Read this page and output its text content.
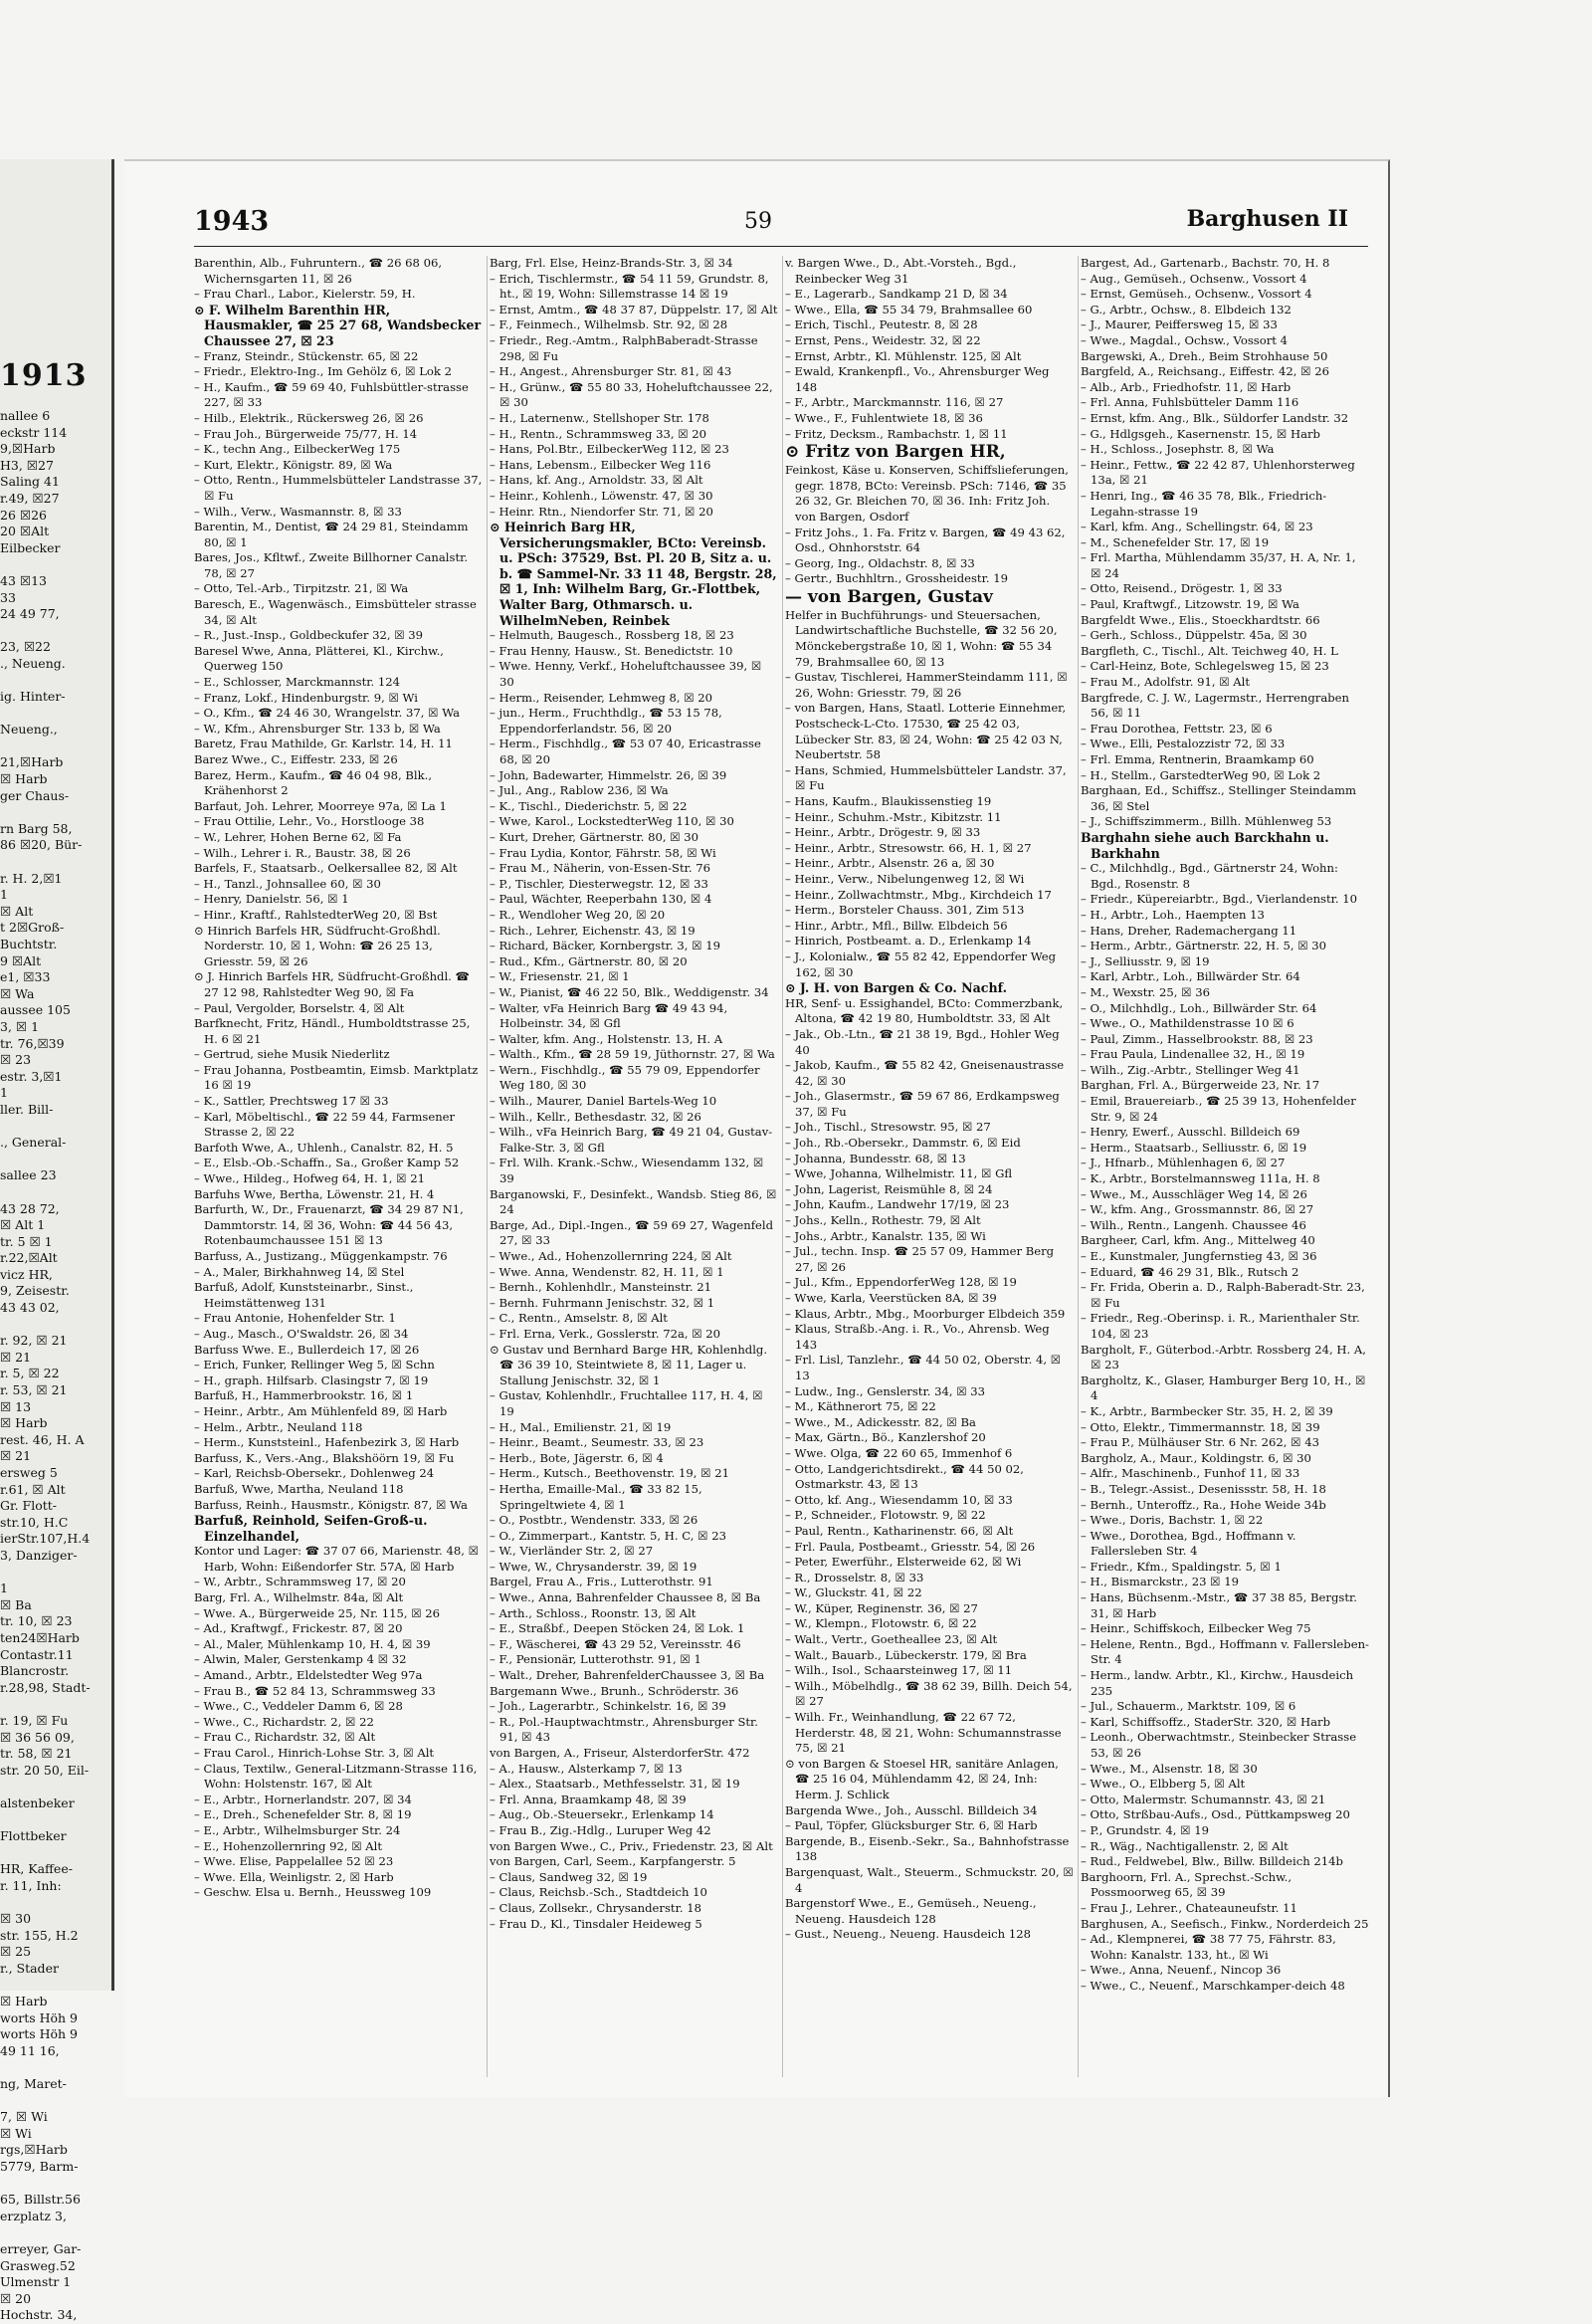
1913
nallee 6
eckstr 114
9,☒Harb
H3, ☒27
Saling 41
r.49, ☒27
26 ☒26
20 ☒Alt
Eilbecker

43 ☒13
33
24 49 77,

23, ☒22
., Neueng.

ig. Hinter-

Neueng.,

21,☒Harb
☒ Harb
ger Chaus-

rn Barg 58,
86 ☒20, Bür-

r. H. 2,☒1
1
☒ Alt
t 2☒Groß-
Buchtstr.
9 ☒Alt
e1, ☒33
☒ Wa
aussee 105
3, ☒ 1
tr. 76,☒39
☒ 23
estr. 3,☒1
1
ller. Bill-

., General-

sallee 23

43 28 72,
☒ Alt 1
tr. 5 ☒ 1
r.22,☒Alt
vicz HR,
9, Zeisestr.
43 43 02,

r. 92, ☒ 21
☒ 21
r. 5, ☒ 22
r. 53, ☒ 21
☒ 13
☒ Harb
rest. 46, H. A
☒ 21
ersweg 5
r.61, ☒ Alt
Gr. Flott-
str.10, H.C
ierStr.107,H.4
3, Danziger-

1
☒ Ba
tr. 10, ☒ 23
ten24☒Harb
Contastr.11
Blancrostr.
r.28,98, Stadt-

r. 19, ☒ Fu
☒ 36 56 09,
tr. 58, ☒ 21
str. 20 50, Eil-

alstenbeker

Flottbeker

HR, Kaffee-
r. 11, Inh:

☒ 30
str. 155, H.2
☒ 25
r., Stader

☒ Harb
worts Höh 9
worts Höh 9
49 11 16,

ng, Maret-

7, ☒ Wi
☒ Wi
rgs,☒Harb
5779, Barm-

65, Billstr.56
erzplatz 3,

erreyer, Gar-
Grasweg.52
Ulmenstr 1
☒ 20
Hochstr. 34,
1943	59	Barghusen II
Barenthin, Alb., Fuhruntern., ☎ 26 68 06, Wichernsgarten 11, ☒ 26
– Frau Charl., Labor., Kielerstr. 59, H.
⊙ F. Wilhelm Barenthin HR, Hausmakler, ☎ 25 27 68, Wandsbecker Chaussee 27, ☒ 23
– Franz, Steindr., Stückenstr. 65, ☒ 22
– Friedr., Elektro-Ing., Im Gehölz 6, ☒ Lok 2
– H., Kaufm., ☎ 59 69 40, Fuhlsbüttler-strasse 227, ☒ 33
– Hilb., Elektrik., Rückersweg 26, ☒ 26
– Frau Joh., Bürgerweide 75/77, H. 14
– K., techn Ang., EilbeckerWeg 175
– Kurt, Elektr., Königstr. 89, ☒ Wa
– Otto, Rentn., Hummelsbütteler Landstrasse 37, ☒ Fu
– Wilh., Verw., Wasmannstr. 8, ☒ 33
Barentin, M., Dentist, ☎ 24 29 81, Steindamm 80, ☒ 1
Bares, Jos., Kfltwf., Zweite Billhorner Canalstr. 78, ☒ 27
– Otto, Tel.-Arb., Tirpitzstr. 21, ☒ Wa
Baresch, E., Wagenwäsch., Eimsbütteler strasse 34, ☒ Alt
– R., Just.-Insp., Goldbeckufer 32, ☒ 39
Baresel Wwe, Anna, Plätterei, Kl., Kirchw., Querweg 150
– E., Schlosser, Marckmannstr. 124
– Franz, Lokf., Hindenburgstr. 9, ☒ Wi
– O., Kfm., ☎ 24 46 30, Wrangelstr. 37, ☒ Wa
– W., Kfm., Ahrensburger Str. 133 b, ☒ Wa
Baretz, Frau Mathilde, Gr. Karlstr. 14, H. 11
Barez Wwe., C., Eiffestr. 233, ☒ 26
Barez, Herm., Kaufm., ☎ 46 04 98, Blk., Krähenhorst 2
Barfaut, Joh. Lehrer, Moorreye 97a, ☒ La 1
– Frau Ottilie, Lehr., Vo., Horstlooge 38
– W., Lehrer, Hohen Berne 62, ☒ Fa
– Wilh., Lehrer i. R., Baustr. 38, ☒ 26
Barfels, F., Staatsarb., Oelkersallee 82, ☒ Alt
– H., Tanzl., Johnsallee 60, ☒ 30
– Henry, Danielstr. 56, ☒ 1
– Hinr., Kraftf., RahlstedterWeg 20, ☒ Bst
⊙ Hinrich Barfels HR, Südfrucht-Großhdl. Norderstr. 10, ☒ 1, Wohn: ☎ 26 25 13, Griesstr. 59, ☒ 26
⊙ J. Hinrich Barfels HR, Südfrucht-Großhdl. ☎ 27 12 98, Rahlstedter Weg 90, ☒ Fa
– Paul, Vergolder, Borselstr. 4, ☒ Alt
Barfknecht, Fritz, Händl., Humboldtstrasse 25, H. 6 ☒ 21
– Gertrud, siehe Musik Niederlitz
– Frau Johanna, Postbeamtin, Eimsb. Marktplatz 16 ☒ 19
– K., Sattler, Prechtsweg 17 ☒ 33
– Karl, Möbeltischl., ☎ 22 59 44, Farmsener Strasse 2, ☒ 22
Barfoth Wwe, A., Uhlenh., Canalstr. 82, H. 5
– E., Elsb.-Ob.-Schaffn., Sa., Großer Kamp 52
– Wwe., Hildeg., Hofweg 64, H. 1, ☒ 21
Barfuhs Wwe, Bertha, Löwenstr. 21, H. 4
Barfurth, W., Dr., Frauenarzt, ☎ 34 29 87 N1, Dammtorstr. 14, ☒ 36, Wohn: ☎ 44 56 43, Rotenbaumchaussee 151 ☒ 13
Barfuss, A., Justizang., Müggenkampstr. 76
– A., Maler, Birkhahnweg 14, ☒ Stel
Barfuß, Adolf, Kunststeinarbr., Sinst., Heimstättenweg 131
– Frau Antonie, Hohenfelder Str. 1
– Aug., Masch., O'Swaldstr. 26, ☒ 34
Barfuss Wwe. E., Bullerdeich 17, ☒ 26
– Erich, Funker, Rellinger Weg 5, ☒ Schn
– H., graph. Hilfsarb. Clasingstr 7, ☒ 19
Barfuß, H., Hammerbrookstr. 16, ☒ 1
– Heinr., Arbtr., Am Mühlenfeld 89, ☒ Harb
– Helm., Arbtr., Neuland 118
– Herm., Kunststeinl., Hafenbezirk 3, ☒ Harb
Barfuss, K., Vers.-Ang., Blakshöörn 19, ☒ Fu
– Karl, Reichsb-Obersekr., Dohlenweg 24
Barfuß, Wwe, Martha, Neuland 118
Barfuss, Reinh., Hausmstr., Königstr. 87, ☒ Wa
Barfuß, Reinhold, Seifen-Groß-u. Einzelhandel,
Kontor und Lager: ☎ 37 07 66, Marienstr. 48, ☒ Harb, Wohn: Eißendorfer Str. 57A, ☒ Harb
– W., Arbtr., Schrammsweg 17, ☒ 20
Barg, Frl. A., Wilhelmstr. 84a, ☒ Alt
– Wwe. A., Bürgerweide 25, Nr. 115, ☒ 26
– Ad., Kraftwgf., Frickestr. 87, ☒ 20
– Al., Maler, Mühlenkamp 10, H. 4, ☒ 39
– Alwin, Maler, Gerstenkamp 4 ☒ 32
– Amand., Arbtr., Eldelstedter Weg 97a
– Frau B., ☎ 52 84 13, Schrammsweg 33
– Wwe., C., Veddeler Damm 6, ☒ 28
– Wwe., C., Richardstr. 2, ☒ 22
– Frau C., Richardstr. 32, ☒ Alt
– Frau Carol., Hinrich-Lohse Str. 3, ☒ Alt
– Claus, Textilw., General-Litzmann-Strasse 116, Wohn: Holstenstr. 167, ☒ Alt
– E., Arbtr., Hornerlandstr. 207, ☒ 34
– E., Dreh., Schenefelder Str. 8, ☒ 19
– E., Arbtr., Wilhelmsburger Str. 24
– E., Hohenzollernring 92, ☒ Alt
– Wwe. Elise, Pappelallee 52 ☒ 23
– Wwe. Ella, Weinligstr. 2, ☒ Harb
– Geschw. Elsa u. Bernh., Heussweg 109
Barg, Frl. Else, Heinz-Brands-Str. 3, ☒ 34
– Erich, Tischlermstr., ☎ 54 11 59, Grundstr. 8, ht., ☒ 19, Wohn: Sillemstrasse 14 ☒ 19
– Ernst, Amtm., ☎ 48 37 87, Düppelstr. 17, ☒ Alt
– F., Feinmech., Wilhelmsb. Str. 92, ☒ 28
– Friedr., Reg.-Amtm., RalphBaberadt-Strasse 298, ☒ Fu
– H., Angest., Ahrensburger Str. 81, ☒ 43
– H., Grünw., ☎ 55 80 33, Hoheluftchaussee 22, ☒ 30
– H., Laternenw., Stellshoper Str. 178
– H., Rentn., Schrammsweg 33, ☒ 20
– Hans, Pol.Btr., EilbeckerWeg 112, ☒ 23
– Hans, Lebensm., Eilbecker Weg 116
– Hans, kf. Ang., Arnoldstr. 33, ☒ Alt
– Heinr., Kohlenh., Löwenstr. 47, ☒ 30
– Heinr. Rtn., Niendorfer Str. 71, ☒ 20
⊙ Heinrich Barg HR, Versicherungsmakler, BCto: Vereinsb. u. PSch: 37529, Bst. Pl. 20 B, Sitz a. u. b. ☎ Sammel-Nr. 33 11 48, Bergstr. 28, ☒ 1, Inh: Wilhelm Barg, Gr.-Flottbek, Walter Barg, Othmarsch. u. WilhelmNeben, Reinbek
– Helmuth, Baugesch., Rossberg 18, ☒ 23
– Frau Henny, Hausw., St. Benedictstr. 10
– Wwe. Henny, Verkf., Hoheluftchaussee 39, ☒ 30
– Herm., Reisender, Lehmweg 8, ☒ 20
– jun., Herm., Fruchthdlg., ☎ 53 15 78, Eppendorferlandstr. 56, ☒ 20
– Herm., Fischhdlg., ☎ 53 07 40, Ericastrasse 68, ☒ 20
– John, Badewarter, Himmelstr. 26, ☒ 39
– Jul., Ang., Rablow 236, ☒ Wa
– K., Tischl., Diederichstr. 5, ☒ 22
– Wwe, Karol., LockstedterWeg 110, ☒ 30
– Kurt, Dreher, Gärtnerstr. 80, ☒ 30
– Frau Lydia, Kontor, Fährstr. 58, ☒ Wi
– Frau M., Näherin, von-Essen-Str. 76
– P., Tischler, Diesterwegstr. 12, ☒ 33
– Paul, Wächter, Reeperbahn 130, ☒ 4
– R., Wendloher Weg 20, ☒ 20
– Rich., Lehrer, Eichenstr. 43, ☒ 19
– Richard, Bäcker, Kornbergstr. 3, ☒ 19
– Rud., Kfm., Gärtnerstr. 80, ☒ 20
– W., Friesenstr. 21, ☒ 1
– W., Pianist, ☎ 46 22 50, Blk., Weddigenstr. 34
– Walter, vFa Heinrich Barg ☎ 49 43 94, Holbeinstr. 34, ☒ Gfl
– Walter, kfm. Ang., Holstenstr. 13, H. A
– Walth., Kfm., ☎ 28 59 19, Jüthornstr. 27, ☒ Wa
– Wern., Fischhdlg., ☎ 55 79 09, Eppendorfer Weg 180, ☒ 30
– Wilh., Maurer, Daniel Bartels-Weg 10
– Wilh., Kellr., Bethesdastr. 32, ☒ 26
– Wilh., vFa Heinrich Barg, ☎ 49 21 04, Gustav-Falke-Str. 3, ☒ Gfl
– Frl. Wilh. Krank.-Schw., Wiesendamm 132, ☒ 39
Barganowski, F., Desinfekt., Wandsb. Stieg 86, ☒ 24
Barge, Ad., Dipl.-Ingen., ☎ 59 69 27, Wagenfeld 27, ☒ 33
– Wwe., Ad., Hohenzollernring 224, ☒ Alt
– Wwe. Anna, Wendenstr. 82, H. 11, ☒ 1
– Bernh., Kohlenhdlr., Mansteinstr. 21
– Bernh. Fuhrmann Jenischstr. 32, ☒ 1
– C., Rentn., Amselstr. 8, ☒ Alt
– Frl. Erna, Verk., Gosslerstr. 72a, ☒ 20
⊙ Gustav und Bernhard Barge HR, Kohlenhdlg. ☎ 36 39 10, Steintwiete 8, ☒ 11, Lager u. Stallung Jenischstr. 32, ☒ 1
– Gustav, Kohlenhdlr., Fruchtallee 117, H. 4, ☒ 19
– H., Mal., Emilienstr. 21, ☒ 19
– Heinr., Beamt., Seumestr. 33, ☒ 23
– Herb., Bote, Jägerstr. 6, ☒ 4
– Herm., Kutsch., Beethovenstr. 19, ☒ 21
– Hertha, Emaille-Mal., ☎ 33 82 15, Springeltwiete 4, ☒ 1
– O., Postbtr., Wendenstr. 333, ☒ 26
– O., Zimmerpart., Kantstr. 5, H. C, ☒ 23
– W., Vierländer Str. 2, ☒ 27
– Wwe, W., Chrysanderstr. 39, ☒ 19
Bargel, Frau A., Fris., Lutterothstr. 91
– Wwe., Anna, Bahrenfelder Chaussee 8, ☒ Ba
– Arth., Schloss., Roonstr. 13, ☒ Alt
– E., Straßbf., Deepen Stöcken 24, ☒ Lok. 1
– F., Wäscherei, ☎ 43 29 52, Vereinsstr. 46
– F., Pensionär, Lutterothstr. 91, ☒ 1
– Walt., Dreher, BahrenfelderChaussee 3, ☒ Ba
Bargemann Wwe., Brunh., Schröderstr. 36
– Joh., Lagerarbtr., Schinkelstr. 16, ☒ 39
– R., Pol.-Hauptwachtmstr., Ahrensburger Str. 91, ☒ 43
von Bargen, A., Friseur, AlsterdorferStr. 472
– A., Hausw., Alsterkamp 7, ☒ 13
– Alex., Staatsarb., Methfesselstr. 31, ☒ 19
– Frl. Anna, Braamkamp 48, ☒ 39
– Aug., Ob.-Steuersekr., Erlenkamp 14
– Frau B., Zig.-Hdlg., Luruper Weg 42
von Bargen Wwe., C., Priv., Friedenstr. 23, ☒ Alt
von Bargen, Carl, Seem., Karpfangerstr. 5
– Claus, Sandweg 32, ☒ 19
– Claus, Reichsb.-Sch., Stadtdeich 10
– Claus, Zollsekr., Chrysanderstr. 18
– Frau D., Kl., Tinsdaler Heideweg 5
v. Bargen Wwe., D., Abt.-Vorsteh., Bgd., Reinbecker Weg 31
– E., Lagerarb., Sandkamp 21 D, ☒ 34
– Wwe., Ella, ☎ 55 34 79, Brahmsallee 60
– Erich, Tischl., Peutestr. 8, ☒ 28
– Ernst, Pens., Weidestr. 32, ☒ 22
– Ernst, Arbtr., Kl. Mühlenstr. 125, ☒ Alt
– Ewald, Krankenpfl., Vo., Ahrensburger Weg 148
– F., Arbtr., Marckmannstr. 116, ☒ 27
– Wwe., F., Fuhlentwiete 18, ☒ 36
– Fritz, Decksm., Rambachstr. 1, ☒ 11
⊙ Fritz von Bargen HR,
Feinkost, Käse u. Konserven, Schiffslieferungen, gegr. 1878, BCto: Vereinsb. PSch: 7146, ☎ 35 26 32, Gr. Bleichen 70, ☒ 36. Inh: Fritz Joh. von Bargen, Osdorf
– Fritz Johs., 1. Fa. Fritz v. Bargen, ☎ 49 43 62, Osd., Ohnhorststr. 64
– Georg, Ing., Oldachstr. 8, ☒ 33
– Gertr., Buchhltrn., Grossheidestr. 19
— von Bargen, Gustav
Helfer in Buchführungs- und Steuersachen, Landwirtschaftliche Buchstelle, ☎ 32 56 20, Mönckebergstraße 10, ☒ 1, Wohn: ☎ 55 34 79, Brahmsallee 60, ☒ 13
– Gustav, Tischlerei, HammerSteindamm 111, ☒ 26, Wohn: Griesstr. 79, ☒ 26
– von Bargen, Hans, Staatl. Lotterie Einnehmer, Postscheck-L-Cto. 17530, ☎ 25 42 03, Lübecker Str. 83, ☒ 24, Wohn: ☎ 25 42 03 N, Neubertstr. 58
– Hans, Schmied, Hummelsbütteler Landstr. 37, ☒ Fu
– Hans, Kaufm., Blaukissenstieg 19
– Heinr., Schuhm.-Mstr., Kibitzstr. 11
– Heinr., Arbtr., Drögestr. 9, ☒ 33
– Heinr., Arbtr., Stresowstr. 66, H. 1, ☒ 27
– Heinr., Arbtr., Alsenstr. 26 a, ☒ 30
– Heinr., Verw., Nibelungenweg 12, ☒ Wi
– Heinr., Zollwachtmstr., Mbg., Kirchdeich 17
– Herm., Borsteler Chauss. 301, Zim 513
– Hinr., Arbtr., Mfl., Billw. Elbdeich 56
– Hinrich, Postbeamt. a. D., Erlenkamp 14
– J., Kolonialw., ☎ 55 82 42, Eppendorfer Weg 162, ☒ 30
⊙ J. H. von Bargen & Co. Nachf.
HR, Senf- u. Essighandel, BCto: Commerzbank, Altona, ☎ 42 19 80, Humboldtstr. 33, ☒ Alt
– Jak., Ob.-Ltn., ☎ 21 38 19, Bgd., Hohler Weg 40
– Jakob, Kaufm., ☎ 55 82 42, Gneisenaustrasse 42, ☒ 30
– Joh., Glasermstr., ☎ 59 67 86, Erdkampsweg 37, ☒ Fu
– Joh., Tischl., Stresowstr. 95, ☒ 27
– Joh., Rb.-Obersekr., Dammstr. 6, ☒ Eid
– Johanna, Bundesstr. 68, ☒ 13
– Wwe, Johanna, Wilhelmistr. 11, ☒ Gfl
– John, Lagerist, Reismühle 8, ☒ 24
– John, Kaufm., Landwehr 17/19, ☒ 23
– Johs., Kelln., Rothestr. 79, ☒ Alt
– Johs., Arbtr., Kanalstr. 135, ☒ Wi
– Jul., techn. Insp. ☎ 25 57 09, Hammer Berg 27, ☒ 26
– Jul., Kfm., EppendorferWeg 128, ☒ 19
– Wwe, Karla, Veerstücken 8A, ☒ 39
– Klaus, Arbtr., Mbg., Moorburger Elbdeich 359
– Klaus, Straßb.-Ang. i. R., Vo., Ahrensb. Weg 143
– Frl. Lisl, Tanzlehr., ☎ 44 50 02, Oberstr. 4, ☒ 13
– Ludw., Ing., Genslerstr. 34, ☒ 33
– M., Käthnerort 75, ☒ 22
– Wwe., M., Adickesstr. 82, ☒ Ba
– Max, Gärtn., Bö., Kanzlershof 20
– Wwe. Olga, ☎ 22 60 65, Immenhof 6
– Otto, Landgerichtsdirekt., ☎ 44 50 02, Ostmarkstr. 43, ☒ 13
– Otto, kf. Ang., Wiesendamm 10, ☒ 33
– P., Schneider., Flotowstr. 9, ☒ 22
– Paul, Rentn., Katharinenstr. 66, ☒ Alt
– Frl. Paula, Postbeamt., Griesstr. 54, ☒ 26
– Peter, Ewerführ., Elsterweide 62, ☒ Wi
– R., Drosselstr. 8, ☒ 33
– W., Gluckstr. 41, ☒ 22
– W., Küper, Reginenstr. 36, ☒ 27
– W., Klempn., Flotowstr. 6, ☒ 22
– Walt., Vertr., Goetheallee 23, ☒ Alt
– Walt., Bauarb., Lübeckerstr. 179, ☒ Bra
– Wilh., Isol., Schaarsteinweg 17, ☒ 11
– Wilh., Möbelhdlg., ☎ 38 62 39, Billh. Deich 54, ☒ 27
– Wilh. Fr., Weinhandlung, ☎ 22 67 72, Herderstr. 48, ☒ 21, Wohn: Schumannstrasse 75, ☒ 21
⊙ von Bargen & Stoesel HR, sanitäre Anlagen, ☎ 25 16 04, Mühlendamm 42, ☒ 24, Inh: Herm. J. Schlick
Bargenda Wwe., Joh., Ausschl. Billdeich 34
– Paul, Töpfer, Glücksburger Str. 6, ☒ Harb
Bargende, B., Eisenb.-Sekr., Sa., Bahnhofstrasse 138
Bargenquast, Walt., Steuerm., Schmuckstr. 20, ☒ 4
Bargenstorf Wwe., E., Gemüseh., Neueng., Neueng. Hausdeich 128
– Gust., Neueng., Neueng. Hausdeich 128
Bargest, Ad., Gartenarb., Bachstr. 70, H. 8
– Aug., Gemüseh., Ochsenw., Vossort 4
– Ernst, Gemüseh., Ochsenw., Vossort 4
– G., Arbtr., Ochsw., 8. Elbdeich 132
– J., Maurer, Peiffersweg 15, ☒ 33
– Wwe., Magdal., Ochsw., Vossort 4
Bargewski, A., Dreh., Beim Strohhause 50
Bargfeld, A., Reichsang., Eiffestr. 42, ☒ 26
– Alb., Arb., Friedhofstr. 11, ☒ Harb
– Frl. Anna, Fuhlsbütteler Damm 116
– Ernst, kfm. Ang., Blk., Süldorfer Landstr. 32
– G., Hdlgsgeh., Kasernenstr. 15, ☒ Harb
– H., Schloss., Josephstr. 8, ☒ Wa
– Heinr., Fettw., ☎ 22 42 87, Uhlenhorsterweg 13a, ☒ 21
– Henri, Ing., ☎ 46 35 78, Blk., Friedrich-Legahn-strasse 19
– Karl, kfm. Ang., Schellingstr. 64, ☒ 23
– M., Schenefelder Str. 17, ☒ 19
– Frl. Martha, Mühlendamm 35/37, H. A, Nr. 1, ☒ 24
– Otto, Reisend., Drögestr. 1, ☒ 33
– Paul, Kraftwgf., Litzowstr. 19, ☒ Wa
Bargfeldt Wwe., Elis., Stoeckhardtstr. 66
– Gerh., Schloss., Düppelstr. 45a, ☒ 30
Bargfleth, C., Tischl., Alt. Teichweg 40, H. L
– Carl-Heinz, Bote, Schlegelsweg 15, ☒ 23
– Frau M., Adolfstr. 91, ☒ Alt
Bargfrede, C. J. W., Lagermstr., Herrengraben 56, ☒ 11
– Frau Dorothea, Fettstr. 23, ☒ 6
– Wwe., Elli, Pestalozzistr 72, ☒ 33
– Frl. Emma, Rentnerin, Braamkamp 60
– H., Stellm., GarstedterWeg 90, ☒ Lok 2
Barghaan, Ed., Schiffsz., Stellinger Steindamm 36, ☒ Stel
– J., Schiffszimmerm., Billh. Mühlenweg 53
Barghahn siehe auch Barckhahn u. Barkhahn
– C., Milchhdlg., Bgd., Gärtnerstr 24, Wohn: Bgd., Rosenstr. 8
– Friedr., Küpereiarbtr., Bgd., Vierlandenstr. 10
– H., Arbtr., Loh., Haempten 13
– Hans, Dreher, Rademachergang 11
– Herm., Arbtr., Gärtnerstr. 22, H. 5, ☒ 30
– J., Selliusstr. 9, ☒ 19
– Karl, Arbtr., Loh., Billwärder Str. 64
– M., Wexstr. 25, ☒ 36
– O., Milchhdlg., Loh., Billwärder Str. 64
– Wwe., O., Mathildenstrasse 10 ☒ 6
– Paul, Zimm., Hasselbrookstr. 88, ☒ 23
– Frau Paula, Lindenallee 32, H., ☒ 19
– Wilh., Zig.-Arbtr., Stellinger Weg 41
Barghan, Frl. A., Bürgerweide 23, Nr. 17
– Emil, Brauereiarb., ☎ 25 39 13, Hohenfelder Str. 9, ☒ 24
– Henry, Ewerf., Ausschl. Billdeich 69
– Herm., Staatsarb., Selliusstr. 6, ☒ 19
– J., Hfnarb., Mühlenhagen 6, ☒ 27
– K., Arbtr., Borstelmannsweg 111a, H. 8
– Wwe., M., Ausschläger Weg 14, ☒ 26
– W., kfm. Ang., Grossmannstr. 86, ☒ 27
– Wilh., Rentn., Langenh. Chaussee 46
Bargheer, Carl, kfm. Ang., Mittelweg 40
– E., Kunstmaler, Jungfernstieg 43, ☒ 36
– Eduard, ☎ 46 29 31, Blk., Rutsch 2
– Fr. Frida, Oberin a. D., Ralph-Baberadt-Str. 23, ☒ Fu
– Friedr., Reg.-Oberinsp. i. R., Marienthaler Str. 104, ☒ 23
Bargholt, F., Güterbod.-Arbtr. Rossberg 24, H. A, ☒ 23
Bargholtz, K., Glaser, Hamburger Berg 10, H., ☒ 4
– K., Arbtr., Barmbecker Str. 35, H. 2, ☒ 39
– Otto, Elektr., Timmermannstr. 18, ☒ 39
– Frau P., Mülhäuser Str. 6 Nr. 262, ☒ 43
Bargholz, A., Maur., Koldingstr. 6, ☒ 30
– Alfr., Maschinenb., Funhof 11, ☒ 33
– B., Telegr.-Assist., Desenissstr. 58, H. 18
– Bernh., Unteroffz., Ra., Hohe Weide 34b
– Wwe., Doris, Bachstr. 1, ☒ 22
– Wwe., Dorothea, Bgd., Hoffmann v. Fallersleben Str. 4
– Friedr., Kfm., Spaldingstr. 5, ☒ 1
– H., Bismarckstr., 23 ☒ 19
– Hans, Büchsenm.-Mstr., ☎ 37 38 85, Bergstr. 31, ☒ Harb
– Heinr., Schiffskoch, Eilbecker Weg 75
– Helene, Rentn., Bgd., Hoffmann v. Fallersleben-Str. 4
– Herm., landw. Arbtr., Kl., Kirchw., Hausdeich 235
– Jul., Schauerm., Marktstr. 109, ☒ 6
– Karl, Schiffsoffz., StaderStr. 320, ☒ Harb
– Leonh., Oberwachtmstr., Steinbecker Strasse 53, ☒ 26
– Wwe., M., Alsenstr. 18, ☒ 30
– Wwe., O., Elbberg 5, ☒ Alt
– Otto, Malermstr. Schumannstr. 43, ☒ 21
– Otto, Strßbau-Aufs., Osd., Püttkampsweg 20
– P., Grundstr. 4, ☒ 19
– R., Wäg., Nachtigallenstr. 2, ☒ Alt
– Rud., Feldwebel, Blw., Billw. Billdeich 214b
Barghoorn, Frl. A., Sprechst.-Schw., Possmoorweg 65, ☒ 39
– Frau J., Lehrer., Chateauneufstr. 11
Barghusen, A., Seefisch., Finkw., Norderdeich 25
– Ad., Klempnerei, ☎ 38 77 75, Fährstr. 83, Wohn: Kanalstr. 133, ht., ☒ Wi
– Wwe., Anna, Neuenf., Nincop 36
– Wwe., C., Neuenf., Marschkamper-deich 48
